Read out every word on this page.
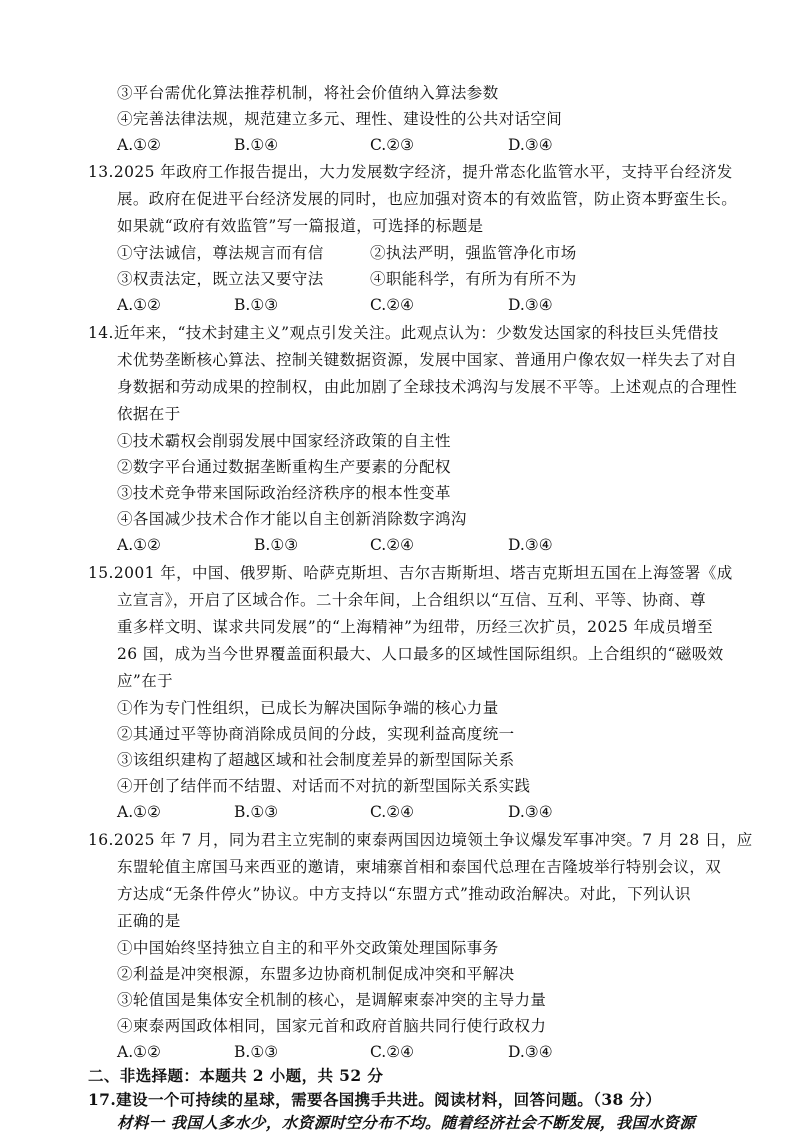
③平台需优化算法推荐机制，将社会价值纳入算法参数
④完善法律法规，规范建立多元、理性、建设性的公共对话空间
A.①②	B.①④	C.②③	D.③④
13.2025 年政府工作报告提出，大力发展数字经济，提升常态化监管水平，支持平台经济发
展。政府在促进平台经济发展的同时，也应加强对资本的有效监管，防止资本野蛮生长。
如果就“政府有效监管”写一篇报道，可选择的标题是
①守法诚信，尊法规言而有信	②执法严明，强监管净化市场
③权责法定，既立法又要守法	④职能科学，有所为有所不为
A.①②	B.①③	C.②④	D.③④
14.近年来，“技术封建主义”观点引发关注。此观点认为：少数发达国家的科技巨头凭借技
术优势垄断核心算法、控制关键数据资源，发展中国家、普通用户像农奴一样失去了对自
身数据和劳动成果的控制权，由此加剧了全球技术鸿沟与发展不平等。上述观点的合理性
依据在于
①技术霸权会削弱发展中国家经济政策的自主性
②数字平台通过数据垄断重构生产要素的分配权
③技术竞争带来国际政治经济秩序的根本性变革
④各国减少技术合作才能以自主创新消除数字鸿沟
A.①②	B.①③	C.②④	D.③④
15.2001 年，中国、俄罗斯、哈萨克斯坦、吉尔吉斯斯坦、塔吉克斯坦五国在上海签署《成
立宣言》，开启了区域合作。二十余年间，上合组织以“互信、互利、平等、协商、尊
重多样文明、谋求共同发展”的“上海精神”为纽带，历经三次扩员，2025 年成员增至
26 国，成为当今世界覆盖面积最大、人口最多的区域性国际组织。上合组织的“磁吸效
应”在于
①作为专门性组织，已成长为解决国际争端的核心力量
②其通过平等协商消除成员间的分歧，实现利益高度统一
③该组织建构了超越区域和社会制度差异的新型国际关系
④开创了结伴而不结盟、对话而不对抗的新型国际关系实践
A.①②	B.①③	C.②④	D.③④
16.2025 年 7 月，同为君主立宪制的柬泰两国因边境领土争议爆发军事冲突。7 月 28 日，应
东盟轮值主席国马来西亚的邀请，柬埔寨首相和泰国代总理在吉隆坡举行特别会议，双
方达成“无条件停火”协议。中方支持以“东盟方式”推动政治解决。对此，下列认识
正确的是
①中国始终坚持独立自主的和平外交政策处理国际事务
②利益是冲突根源，东盟多边协商机制促成冲突和平解决
③轮值国是集体安全机制的核心，是调解柬泰冲突的主导力量
④柬泰两国政体相同，国家元首和政府首脑共同行使行政权力
A.①②	B.①③	C.②④	D.③④
二、非选择题：本题共 2 小题，共 52 分
17.建设一个可持续的星球，需要各国携手共进。阅读材料，回答问题。（38 分）
材料一 我国人多水少，水资源时空分布不均。随着经济社会不断发展，我国水资源
